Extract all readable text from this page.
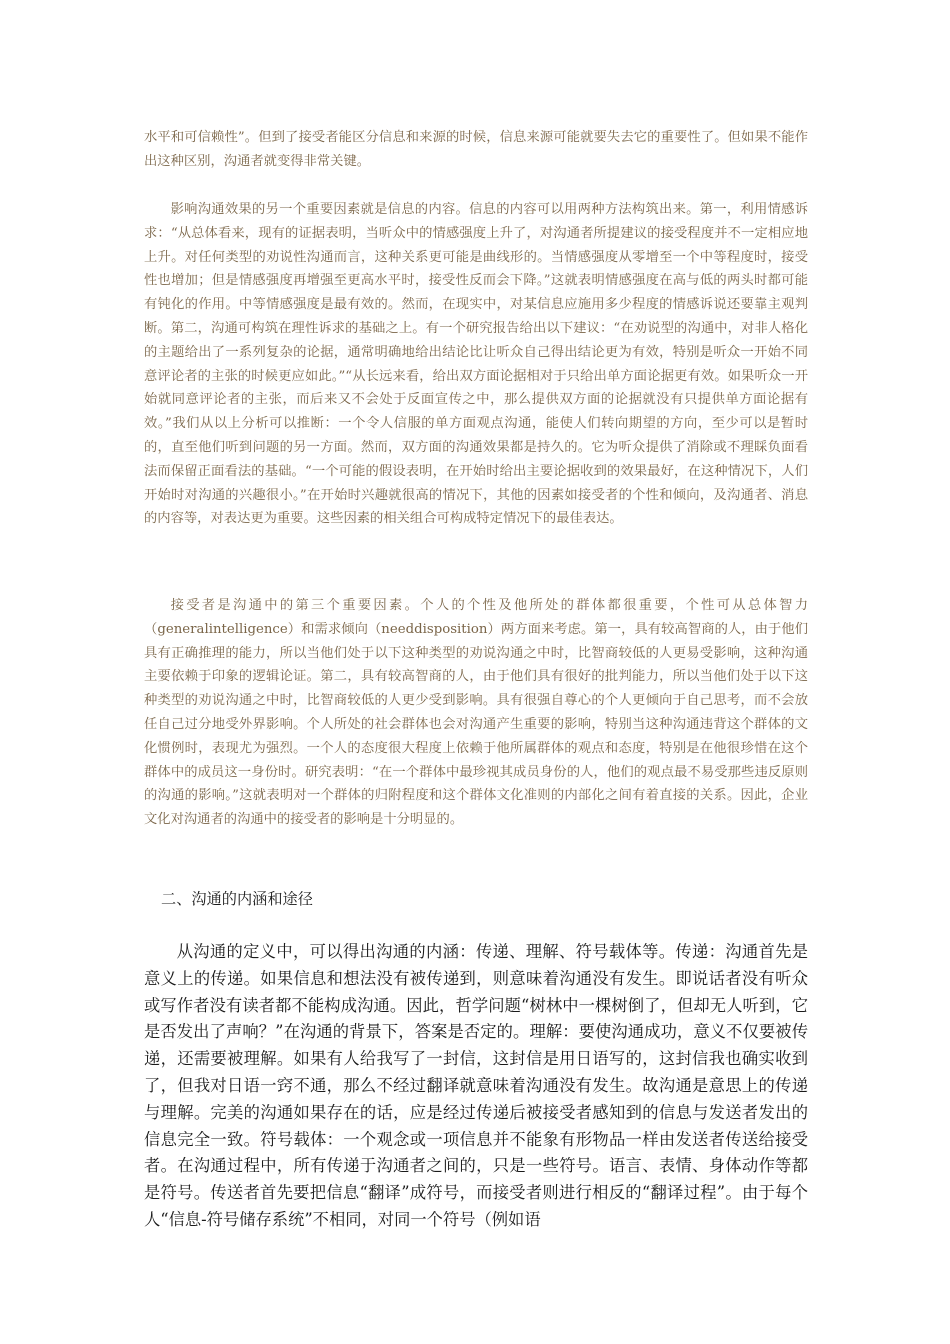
水平和可信赖性”。但到了接受者能区分信息和来源的时候，信息来源可能就要失去它的重要性了。但如果不能作出这种区别，沟通者就变得非常关键。

影响沟通效果的另一个重要因素就是信息的内容。信息的内容可以用两种方法构筑出来。第一，利用情感诉求：“从总体看来，现有的证据表明，当听众中的情感强度上升了，对沟通者所提建议的接受程度并不一定相应地上升。对任何类型的劝说性沟通而言，这种关系更可能是曲线形的。当情感强度从零增至一个中等程度时，接受性也增加；但是情感强度再增强至更高水平时，接受性反而会下降。”这就表明情感强度在高与低的两头时都可能有钝化的作用。中等情感强度是最有效的。然而，在现实中，对某信息应施用多少程度的情感诉说还要靠主观判断。第二，沟通可构筑在理性诉求的基础之上。有一个研究报告给出以下建议：“在劝说型的沟通中，对非人格化的主题给出了一系列复杂的论据，通常明确地给出结论比让听众自己得出结论更为有效，特别是听众一开始不同意评论者的主张的时候更应如此。”“从长远来看，给出双方面论据相对于只给出单方面论据更有效。如果听众一开始就同意评论者的主张，而后来又不会处于反面宣传之中，那么提供双方面的论据就没有只提供单方面论据有效。”我们从以上分析可以推断：一个令人信服的单方面观点沟通，能使人们转向期望的方向，至少可以是暂时的，直至他们听到问题的另一方面。然而，双方面的沟通效果都是持久的。它为听众提供了消除或不理睬负面看法而保留正面看法的基础。“一个可能的假设表明，在开始时给出主要论据收到的效果最好，在这种情况下，人们开始时对沟通的兴趣很小。”在开始时兴趣就很高的情况下，其他的因素如接受者的个性和倾向，及沟通者、消息的内容等，对表达更为重要。这些因素的相关组合可构成特定情况下的最佳表达。

接受者是沟通中的第三个重要因素。个人的个性及他所处的群体都很重要，个性可从总体智力（generalintelligence）和需求倾向（needdisposition）两方面来考虑。第一，具有较高智商的人，由于他们具有正确推理的能力，所以当他们处于以下这种类型的劝说沟通之中时，比智商较低的人更易受影响，这种沟通主要依赖于印象的逻辑论证。第二，具有较高智商的人，由于他们具有很好的批判能力，所以当他们处于以下这种类型的劝说沟通之中时，比智商较低的人更少受到影响。具有很强自尊心的个人更倾向于自己思考，而不会放任自己过分地受外界影响。个人所处的社会群体也会对沟通产生重要的影响，特别当这种沟通违背这个群体的文化惯例时，表现尤为强烈。一个人的态度很大程度上依赖于他所属群体的观点和态度，特别是在他很珍惜在这个群体中的成员这一身份时。研究表明：“在一个群体中最珍视其成员身份的人，他们的观点最不易受那些违反原则的沟通的影响。”这就表明对一个群体的归附程度和这个群体文化准则的内部化之间有着直接的关系。因此，企业文化对沟通者的沟通中的接受者的影响是十分明显的。

二、沟通的内涵和途径

从沟通的定义中，可以得出沟通的内涵：传递、理解、符号载体等。传递：沟通首先是意义上的传递。如果信息和想法没有被传递到，则意味着沟通没有发生。即说话者没有听众或写作者没有读者都不能构成沟通。因此，哲学问题“树林中一棵树倒了，但却无人听到，它是否发出了声响？”在沟通的背景下，答案是否定的。理解：要使沟通成功，意义不仅要被传递，还需要被理解。如果有人给我写了一封信，这封信是用日语写的，这封信我也确实收到了，但我对日语一窍不通，那么不经过翻译就意味着沟通没有发生。故沟通是意思上的传递与理解。完美的沟通如果存在的话，应是经过传递后被接受者感知到的信息与发送者发出的信息完全一致。符号载体：一个观念或一项信息并不能象有形物品一样由发送者传送给接受者。在沟通过程中，所有传递于沟通者之间的，只是一些符号。语言、表情、身体动作等都是符号。传送者首先要把信息“翻译”成符号，而接受者则进行相反的“翻译过程”。由于每个人“信息-符号储存系统”不相同，对同一个符号（例如语
